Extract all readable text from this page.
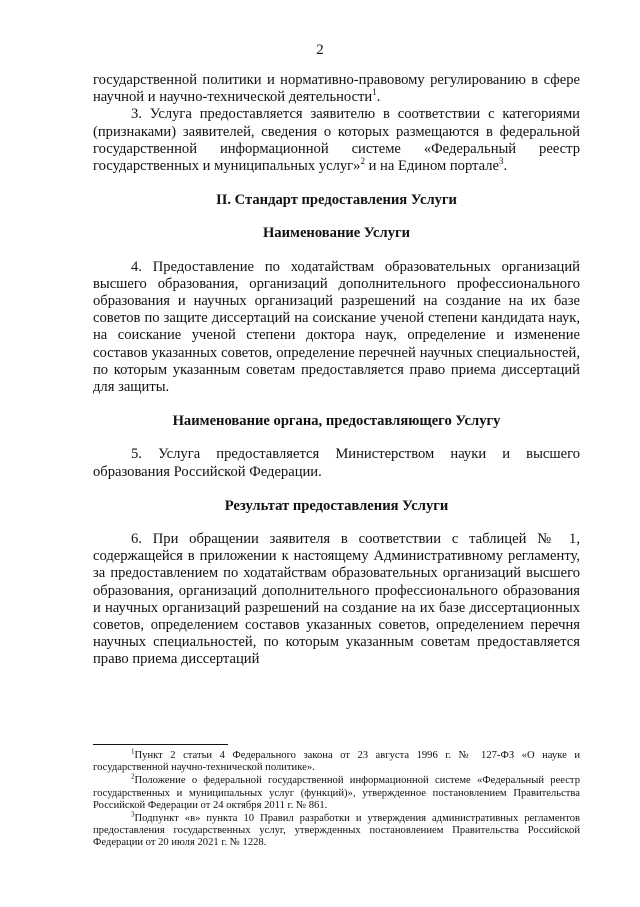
2

государственной политики и нормативно-правовому регулированию в сфере научной и научно-технической деятельности$^1$.

3. Услуга предоставляется заявителю в соответствии с категориями (признаками) заявителей, сведения о которых размещаются в федеральной государственной информационной системе «Федеральный реестр государственных и муниципальных услуг»$^2$ и на Едином портале$^3$.

II. Стандарт предоставления Услуги

Наименование Услуги

4. Предоставление по ходатайствам образовательных организаций высшего образования, организаций дополнительного профессионального образования и научных организаций разрешений на создание на их базе советов по защите диссертаций на соискание ученой степени кандидата наук, на соискание ученой степени доктора наук, определение и изменение составов указанных советов, определение перечней научных специальностей, по которым указанным советам предоставляется право приема диссертаций для защиты.

Наименование органа, предоставляющего Услугу

5. Услуга предоставляется Министерством науки и высшего образования Российской Федерации.

Результат предоставления Услуги

6. При обращении заявителя в соответствии с таблицей № 1, содержащейся в приложении к настоящему Административному регламенту, за предоставлением по ходатайствам образовательных организаций высшего образования, организаций дополнительного профессионального образования и научных организаций разрешений на создание на их базе диссертационных советов, определением составов указанных советов, определением перечня научных специальностей, по которым указанным советам предоставляется право приема диссертаций

$^1$Пункт 2 статьи 4 Федерального закона от 23 августа 1996 г. № 127-ФЗ «О науке и государственной научно-технической политике».

$^2$Положение о федеральной государственной информационной системе «Федеральный реестр государственных и муниципальных услуг (функций)», утвержденное постановлением Правительства Российской Федерации от 24 октября 2011 г. № 861.

$^3$Подпункт «в» пункта 10 Правил разработки и утверждения административных регламентов предоставления государственных услуг, утвержденных постановлением Правительства Российской Федерации от 20 июля 2021 г. № 1228.
